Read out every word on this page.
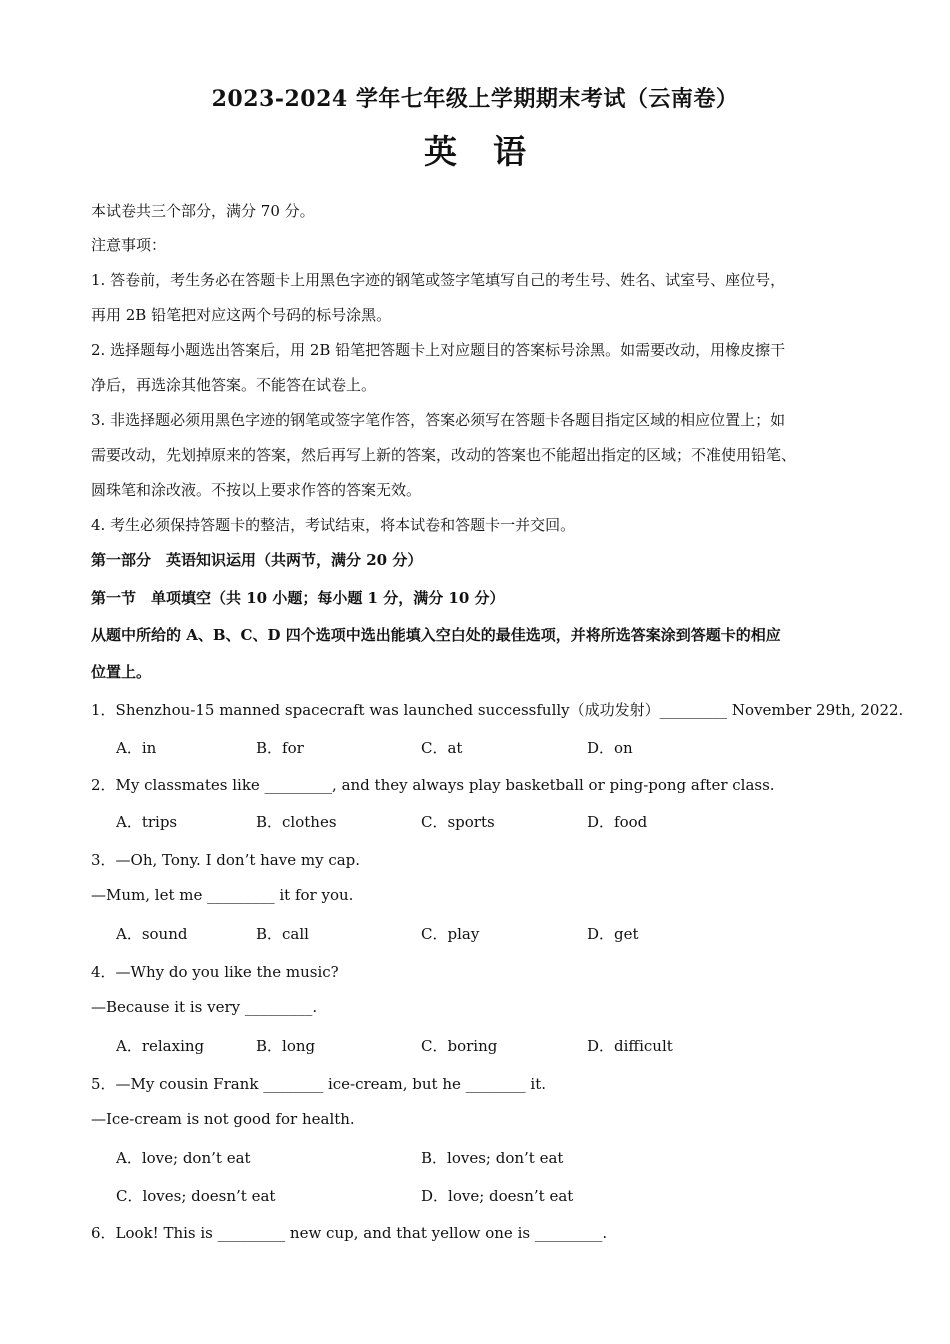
2023-2024 学年七年级上学期期末考试（云南卷）
英语
本试卷共三个部分，满分 70 分。
注意事项：
1. 答卷前，考生务必在答题卡上用黑色字迹的钢笔或签字笔填写自己的考生号、姓名、试室号、座位号，
再用 2B 铅笔把对应这两个号码的标号涂黑。
2. 选择题每小题选出答案后，用 2B 铅笔把答题卡上对应题目的答案标号涂黑。如需要改动，用橡皮擦干
净后，再选涂其他答案。不能答在试卷上。
3. 非选择题必须用黑色字迹的钢笔或签字笔作答，答案必须写在答题卡各题目指定区域的相应位置上；如
需要改动，先划掉原来的答案，然后再写上新的答案，改动的答案也不能超出指定的区域；不准使用铅笔、
圆珠笔和涂改液。不按以上要求作答的答案无效。
4. 考生必须保持答题卡的整洁，考试结束，将本试卷和答题卡一并交回。
第一部分　英语知识运用（共两节，满分 20 分）
第一节　单项填空（共 10 小题；每小题 1 分，满分 10 分）
从题中所给的 A、B、C、D 四个选项中选出能填入空白处的最佳选项，并将所选答案涂到答题卡的相应
位置上。
1．Shenzhou-15 manned spacecraft was launched successfully（成功发射）_________ November 29th, 2022.
A．in	B．for	C．at	D．on
2．My classmates like _________, and they always play basketball or ping-pong after class.
A．trips	B．clothes	C．sports	D．food
3．—Oh, Tony. I don’t have my cap.
—Mum, let me _________ it for you.
A．sound	B．call	C．play	D．get
4．—Why do you like the music?
—Because it is very _________.
A．relaxing	B．long	C．boring	D．difficult
5．—My cousin Frank ________ ice-cream, but he ________ it.
—Ice-cream is not good for health.
A．love; don’t eat	B．loves; don’t eat
C．loves; doesn’t eat	D．love; doesn’t eat
6．Look! This is _________ new cup, and that yellow one is _________.
